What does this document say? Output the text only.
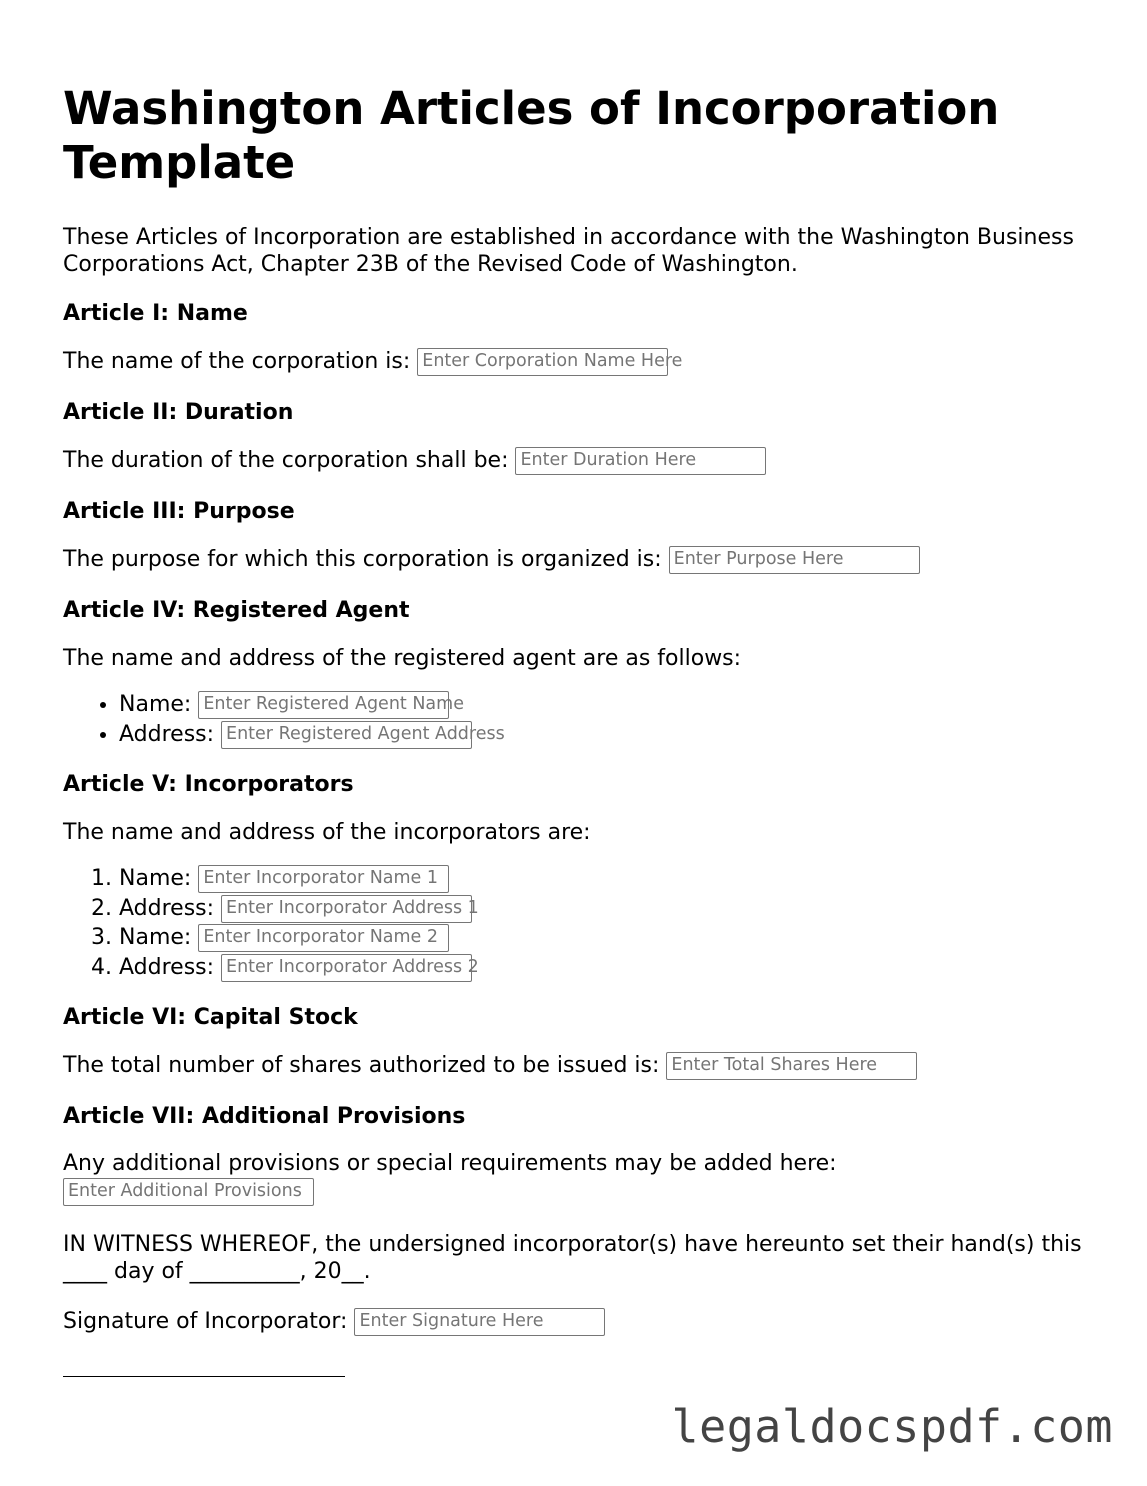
Washington Articles of Incorporation Template

These Articles of Incorporation are established in accordance with the Washington Business Corporations Act, Chapter 23B of the Revised Code of Washington.

Article I: Name

The name of the corporation is: Enter Corporation Name Here

Article II: Duration

The duration of the corporation shall be: Enter Duration Here

Article III: Purpose

The purpose for which this corporation is organized is: Enter Purpose Here

Article IV: Registered Agent

The name and address of the registered agent are as follows:

• Name: Enter Registered Agent Name
• Address: Enter Registered Agent Address
Article V: Incorporators

The name and address of the incorporators are:

1. Name: Enter Incorporator Name 1
2. Address: Enter Incorporator Address 1
3. Name: Enter Incorporator Name 2
4. Address: Enter Incorporator Address 2
Article VI: Capital Stock

The total number of shares authorized to be issued is: Enter Total Shares Here

Article VII: Additional Provisions

Any additional provisions or special requirements may be added here:

Enter Additional Provisions

IN WITNESS WHEREOF, the undersigned incorporator(s) have hereunto set their hand(s) this ____ day of __________, 20__.

Signature of Incorporator: Enter Signature Here

legaldocspdf.com
